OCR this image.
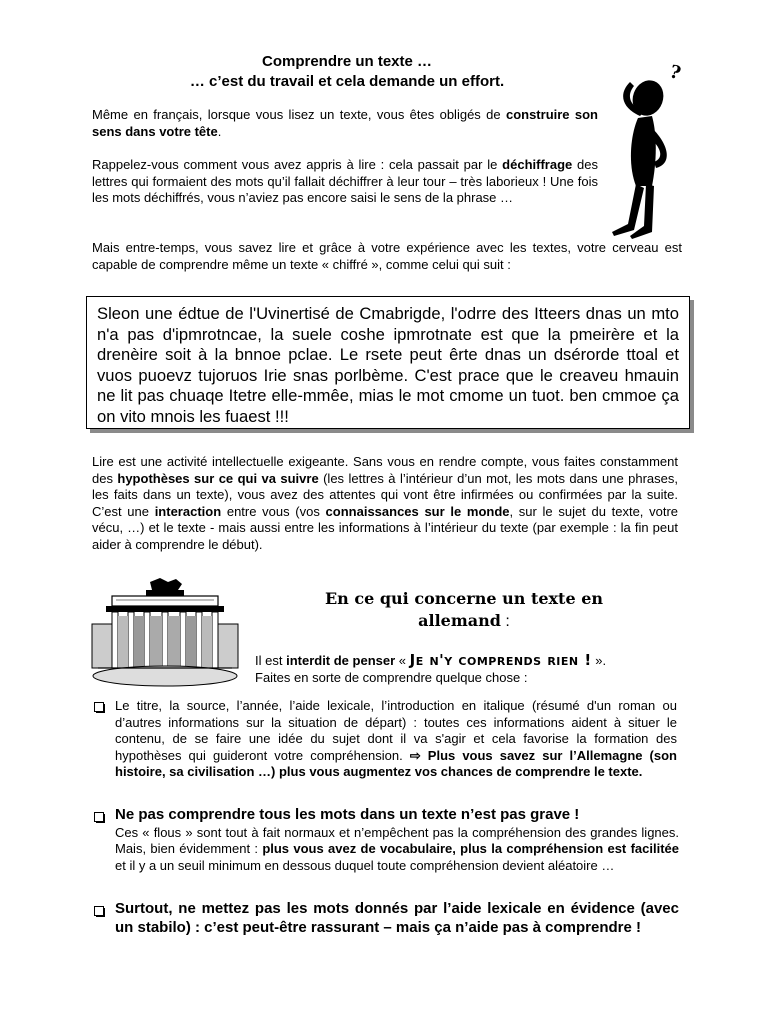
Comprendre un texte …
… c’est du travail et cela demande un effort.	?
Même en français, lorsque vous lisez un texte, vous êtes obligés de construire son sens dans votre tête.
Rappelez-vous comment vous avez appris à lire : cela passait par le déchiffrage des lettres qui formaient des mots qu’il fallait déchiffrer à leur tour – très laborieux ! Une fois les mots déchiffrés, vous n’aviez pas encore saisi le sens de la phrase …
Mais entre-temps, vous savez lire et grâce à votre expérience avec les textes, votre cerveau est capable de comprendre même un texte « chiffré », comme celui qui suit :
Sleon une édtue de l'Uvinertisé de Cmabrigde, l'odrre des Itteers dnas un mto n'a pas d'ipmrotncae, la suele coshe ipmrotnate est que la pmeirère et la drenèire soit à la bnnoe pclae. Le rsete peut êrte dnas un dsérorde ttoal et vuos puoevz tujoruos Irie snas porlbème. C'est prace que le creaveu hmauin ne lit pas chuaqe Itetre elle-mmêe, mias le mot cmome un tuot. ben cmmoe ça on vito mnois les fuaest !!!
Lire est une activité intellectuelle exigeante. Sans vous en rendre compte, vous faites constamment des hypothèses sur ce qui va suivre (les lettres à l’intérieur d’un mot, les mots dans une phrases, les faits dans un texte), vous avez des attentes qui vont être infirmées ou confirmées par la suite. C’est une interaction entre vous (vos connaissances sur le monde, sur le sujet du texte, votre vécu, …) et le texte - mais aussi entre les informations à l’intérieur du texte (par exemple : la fin peut aider à comprendre le début).
En ce qui concerne un texte en
allemand :
Il est interdit de penser « Je n'y comprends rien ! ».
Faites en sorte de comprendre quelque chose :
Le titre, la source, l’année, l’aide lexicale, l’introduction en italique (résumé d'un roman ou d’autres informations sur la situation de départ) : toutes ces informations aident à situer le contenu, de se faire une idée du sujet dont il va s'agir et cela favorise la formation des hypothèses qui guideront votre compréhension. ⇨ Plus vous savez sur l’Allemagne (son histoire, sa civilisation …) plus vous augmentez vos chances de comprendre le texte.
Ne pas comprendre tous les mots dans un texte n’est pas grave !
Ces « flous » sont tout à fait normaux et n’empêchent pas la compréhension des grandes lignes. Mais, bien évidemment : plus vous avez de vocabulaire, plus la compréhension est facilitée et il y a un seuil minimum en dessous duquel toute compréhension devient aléatoire …
Surtout, ne mettez pas les mots donnés par l’aide lexicale en évidence (avec un stabilo) : c’est peut-être rassurant – mais ça n’aide pas à comprendre !
